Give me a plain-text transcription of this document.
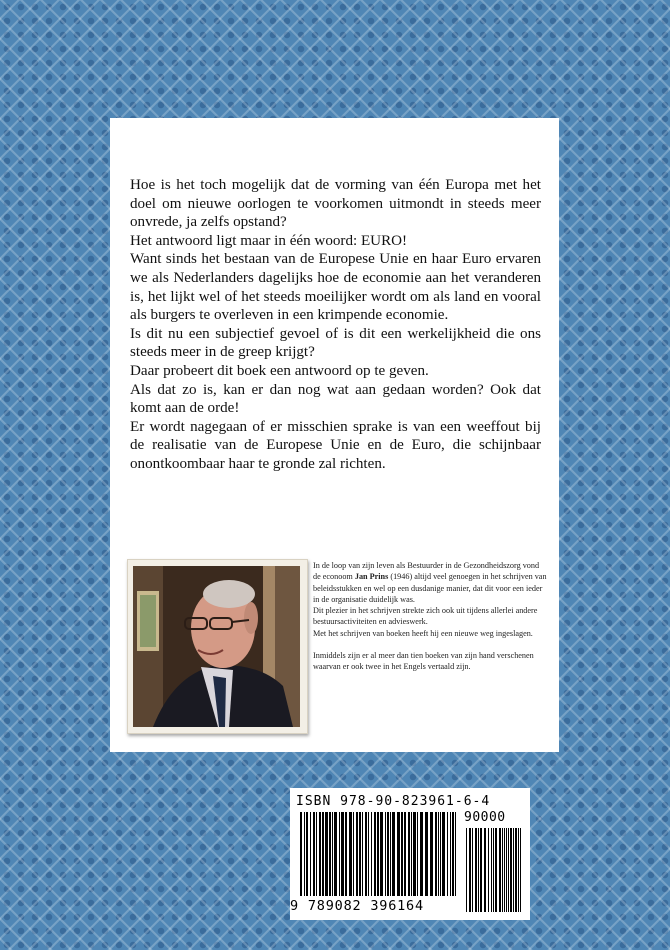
Hoe is het toch mogelijk dat de vorming van één Europa met het doel om nieuwe oorlogen te voorkomen uitmondt in steeds meer onvrede, ja zelfs opstand?

Het antwoord ligt maar in één woord: EURO!

Want sinds het bestaan van de Europese Unie en haar Euro ervaren we als Nederlanders dagelijks hoe de economie aan het veranderen is, het lijkt wel of het steeds moeilijker wordt om als land en vooral als burgers te overleven in een krimpende economie.

Is dit nu een subjectief gevoel of is dit een werkelijkheid die ons steeds meer in de greep krijgt?

Daar probeert dit boek een antwoord op te geven.

Als dat zo is, kan er dan nog wat aan gedaan worden? Ook dat komt aan de orde!

Er wordt nagegaan of er misschien sprake is van een weeffout bij de realisatie van de Europese Unie en de Euro, die schijnbaar onontkoombaar haar te gronde zal richten.

In de loop van zijn leven als Bestuurder in de Gezondheidszorg vond de econoom Jan Prins (1946) altijd veel genoegen in het schrijven van beleidsstukken en wel op een dusdanige manier, dat dit voor een ieder in de organisatie duidelijk was.

Dit plezier in het schrijven strekte zich ook uit tijdens allerlei andere bestuursactiviteiten en advieswerk.

Met het schrijven van boeken heeft hij een nieuwe weg ingeslagen.

Inmiddels zijn er al meer dan tien boeken van zijn hand verschenen waarvan er ook twee in het Engels vertaald zijn.

ISBN 978-90-823961-6-4
90000
9 789082 396164
